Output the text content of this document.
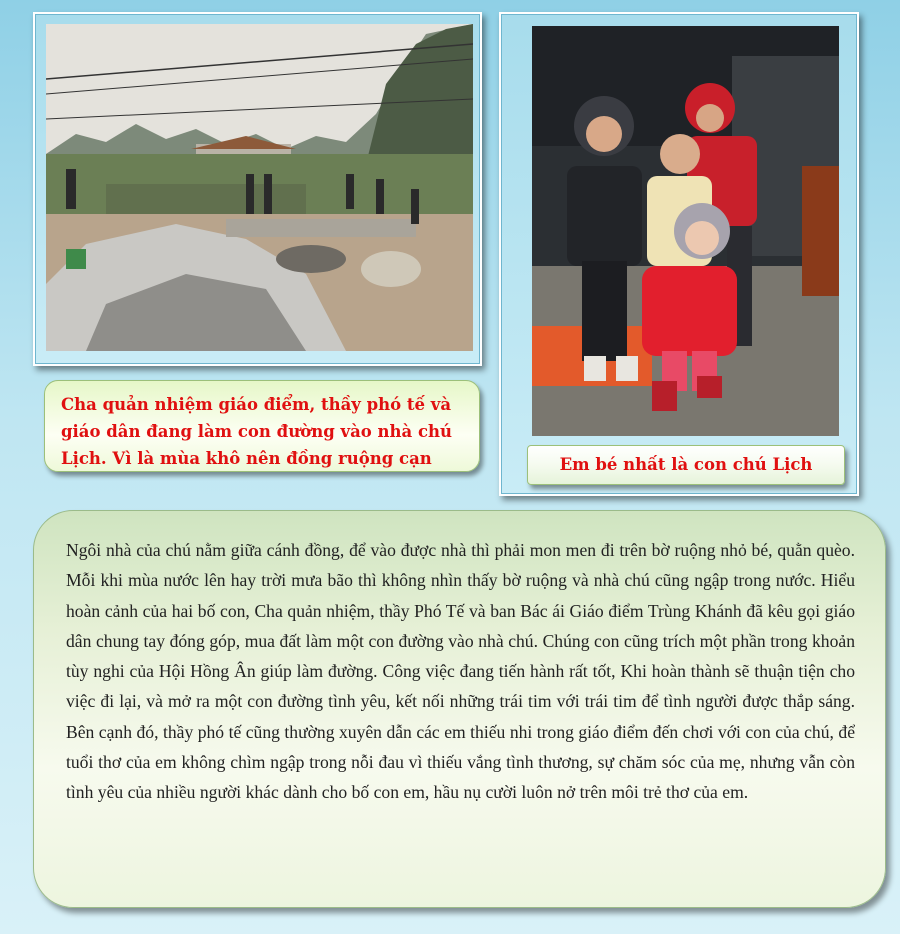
Cha quản nhiệm giáo điểm, thầy phó tế và giáo dân đang làm con đường vào nhà chú Lịch. Vì là mùa khô nên đồng ruộng cạn	Em bé nhất là con chú Lịch
Ngôi nhà của chú nằm giữa cánh đồng, để vào được nhà thì phải mon men đi trên bờ ruộng nhỏ bé, quằn quèo. Mỗi khi mùa nước lên hay trời mưa bão thì không nhìn thấy bờ ruộng và nhà chú cũng ngập trong nước. Hiểu hoàn cảnh của hai bố con, Cha quản nhiệm, thầy Phó Tế và ban Bác ái Giáo điểm Trùng Khánh đã kêu gọi giáo dân chung tay đóng góp, mua đất làm một con đường vào nhà chú. Chúng con cũng trích một phần trong khoản tùy nghi của Hội Hồng Ân giúp làm đường. Công việc đang tiến hành rất tốt, Khi hoàn thành sẽ thuận tiện cho việc đi lại, và mở ra một con đường tình yêu, kết nối những trái tim với trái tim để tình người được thắp sáng. Bên cạnh đó, thầy phó tế cũng thường xuyên dẫn các em thiếu nhi trong giáo điểm đến chơi với con của chú, để tuổi thơ của em không chìm ngập trong nỗi đau vì thiếu vắng tình thương, sự chăm sóc của mẹ, nhưng vẫn còn tình yêu của nhiều người khác dành cho bố con em, hầu nụ cười luôn nở trên môi trẻ thơ của em.
